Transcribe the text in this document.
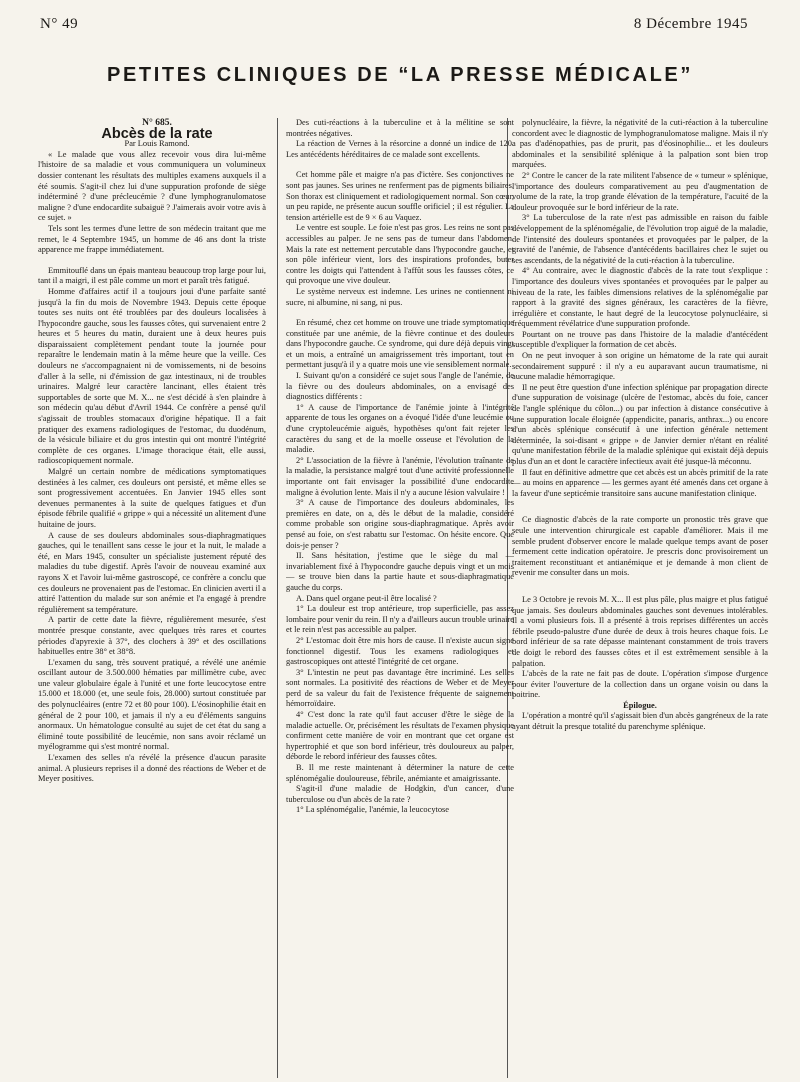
N° 49	8 Décembre 1945
PETITES CLINIQUES DE “LA PRESSE MÉDICALE”

N° 685.

Abcès de la rate

Par Louis Ramond.

« Le malade que vous allez recevoir vous dira lui-même l'histoire de sa maladie et vous communiquera un volumineux dossier contenant les résultats des multiples examens auxquels il a été soumis. S'agit-il chez lui d'une suppuration profonde de siège indéterminé ? d'une précleucémie ? d'une lymphogranulomatose maligne ? d'une endocardite subaiguë ? J'aimerais avoir votre avis à ce sujet. »

Tels sont les termes d'une lettre de son médecin traitant que me remet, le 4 Septembre 1945, un homme de 46 ans dont la triste apparence me frappe immédiatement.

Emmitouflé dans un épais manteau beaucoup trop large pour lui, tant il a maigri, il est pâle comme un mort et paraît très fatigué.

Homme d'affaires actif il a toujours joui d'une parfaite santé jusqu'à la fin du mois de Novembre 1943. Depuis cette époque toutes ses nuits ont été troublées par des douleurs localisées à l'hypocondre gauche, sous les fausses côtes, qui survenaient entre 2 heures et 5 heures du matin, duraient une à deux heures puis disparaissaient complètement pendant toute la journée pour reparaître le lendemain matin à la même heure que la veille. Ces douleurs ne s'accompagnaient ni de vomissements, ni de besoins d'aller à la selle, ni d'émission de gaz intestinaux, ni de troubles urinaires. Malgré leur caractère lancinant, elles étaient très supportables de sorte que M. X... ne s'est décidé à s'en plaindre à son médecin qu'au début d'Avril 1944. Ce confrère a pensé qu'il s'agissait de troubles stomacaux d'origine hépatique. Il a fait pratiquer des examens radiologiques de l'estomac, du duodénum, de la vésicule biliaire et du gros intestin qui ont montré l'intégrité complète de ces organes. L'image thoracique était, elle aussi, radioscopiquement normale.

Malgré un certain nombre de médications symptomatiques destinées à les calmer, ces douleurs ont persisté, et même elles se sont progressivement accentuées. En Janvier 1945 elles sont devenues permanentes à la suite de quelques fatigues et d'un épisode fébrile qualifié « grippe » qui a nécessité un alitement d'une huitaine de jours.

A cause de ses douleurs abdominales sous-diaphragmatiques gauches, qui le tenaillent sans cesse le jour et la nuit, le malade a été, en Mars 1945, consulter un spécialiste justement réputé des maladies du tube digestif. Après l'avoir de nouveau examiné aux rayons X et l'avoir lui-même gastroscopé, ce confrère a conclu que ces douleurs ne provenaient pas de l'estomac. En clinicien averti il a attiré l'attention du malade sur son anémie et l'a engagé à prendre régulièrement sa température.

A partir de cette date la fièvre, régulièrement mesurée, s'est montrée presque constante, avec quelques très rares et courtes périodes d'apyrexie à 37°, des clochers à 39° et des oscillations habituelles entre 38° et 38°8.

L'examen du sang, très souvent pratiqué, a révélé une anémie oscillant autour de 3.500.000 hématies par millimètre cube, avec une valeur globulaire égale à l'unité et une forte leucocytose entre 15.000 et 18.000 (et, une seule fois, 28.000) surtout constituée par des polynucléaires (entre 72 et 80 pour 100). L'éosinophilie était en général de 2 pour 100, et jamais il n'y a eu d'éléments sanguins anormaux. Un hématologue consulté au sujet de cet état du sang a éliminé toute possibilité de leucémie, non sans avoir réclamé un myélogramme qui s'est montré normal.

L'examen des selles n'a révélé la présence d'aucun parasite animal. A plusieurs reprises il a donné des réactions de Weber et de Meyer positives.

Des cuti-réactions à la tuberculine et à la mélitine se sont montrées négatives.

La réaction de Vernes à la résorcine a donné un indice de 120. Les antécédents héréditaires de ce malade sont excellents.

Cet homme pâle et maigre n'a pas d'ictère. Ses conjonctives ne sont pas jaunes. Ses urines ne renferment pas de pigments biliaires. Son thorax est cliniquement et radiologiquement normal. Son cœur, un peu rapide, ne présente aucun souffle orificiel ; il est régulier. La tension artérielle est de 9 × 6 au Vaquez.

Le ventre est souple. Le foie n'est pas gros. Les reins ne sont pas accessibles au palper. Je ne sens pas de tumeur dans l'abdomen. Mais la rate est nettement percutable dans l'hypocondre gauche, et son pôle inférieur vient, lors des inspirations profondes, buter contre les doigts qui l'attendent à l'affût sous les fausses côtes, ce qui provoque une vive douleur.

Le système nerveux est indemne. Les urines ne contiennent ni sucre, ni albumine, ni sang, ni pus.

En résumé, chez cet homme on trouve une triade symptomatique constituée par une anémie, de la fièvre continue et des douleurs dans l'hypocondre gauche. Ce syndrome, qui dure déjà depuis vingt et un mois, a entraîné un amaigrissement très important, tout en permettant jusqu'à il y a quatre mois une vie sensiblement normale.

I. Suivant qu'on a considéré ce sujet sous l'angle de l'anémie, de la fièvre ou des douleurs abdominales, on a envisagé des diagnostics différents :

1° A cause de l'importance de l'anémie jointe à l'intégrité apparente de tous les organes on a évoqué l'idée d'une leucémie ou d'une cryptoleucémie aiguës, hypothèses qu'ont fait rejeter les caractères du sang et de la moelle osseuse et l'évolution de la maladie.

2° L'association de la fièvre à l'anémie, l'évolution traînante de la maladie, la persistance malgré tout d'une activité professionnelle importante ont fait envisager la possibilité d'une endocardite maligne à évolution lente. Mais il n'y a aucune lésion valvulaire !

3° A cause de l'importance des douleurs abdominales, les premières en date, on a, dès le début de la maladie, considéré comme probable son origine sous-diaphragmatique. Après avoir pensé au foie, on s'est rabattu sur l'estomac. On hésite encore. Que dois-je penser ?

II. Sans hésitation, j'estime que le siège du mal — invariablement fixé à l'hypocondre gauche depuis vingt et un mois — se trouve bien dans la partie haute et sous-diaphragmatique gauche du corps.

A. Dans quel organe peut-il être localisé ?

1° La douleur est trop antérieure, trop superficielle, pas assez lombaire pour venir du rein. Il n'y a d'ailleurs aucun trouble urinaire et le rein n'est pas accessible au palper.

2° L'estomac doit être mis hors de cause. Il n'existe aucun signe fonctionnel digestif. Tous les examens radiologiques et gastroscopiques ont attesté l'intégrité de cet organe.

3° L'intestin ne peut pas davantage être incriminé. Les selles sont normales. La positivité des réactions de Weber et de Meyer perd de sa valeur du fait de l'existence fréquente de saignement hémorroïdaire.

4° C'est donc la rate qu'il faut accuser d'être le siège de la maladie actuelle. Or, précisément les résultats de l'examen physique confirment cette manière de voir en montrant que cet organe est hypertrophié et que son bord inférieur, très douloureux au palper, déborde le rebord inférieur des fausses côtes.

B. Il me reste maintenant à déterminer la nature de cette splénomégalie douloureuse, fébrile, anémiante et amaigrissante.

S'agit-il d'une maladie de Hodgkin, d'un cancer, d'une tuberculose ou d'un abcès de la rate ?

1° La splénomégalie, l'anémie, la leucocytose

polynucléaire, la fièvre, la négativité de la cuti-réaction à la tuberculine concordent avec le diagnostic de lymphogranulomatose maligne. Mais il n'y a pas d'adénopathies, pas de prurit, pas d'éosinophilie... et les douleurs abdominales et la sensibilité splénique à la palpation sont bien trop marquées.

2° Contre le cancer de la rate militent l'absence de « tumeur » splénique, l'importance des douleurs comparativement au peu d'augmentation de volume de la rate, la trop grande élévation de la température, l'acuité de la douleur provoquée sur le bord inférieur de la rate.

3° La tuberculose de la rate n'est pas admissible en raison du faible développement de la splénomégalie, de l'évolution trop aiguë de la maladie, de l'intensité des douleurs spontanées et provoquées par le palper, de la gravité de l'anémie, de l'absence d'antécédents bacillaires chez le sujet ou ses ascendants, de la négativité de la cuti-réaction à la tuberculine.

4° Au contraire, avec le diagnostic d'abcès de la rate tout s'explique : l'importance des douleurs vives spontanées et provoquées par le palper au niveau de la rate, les faibles dimensions relatives de la splénomégalie par rapport à la gravité des signes généraux, les caractères de la fièvre, irrégulière et constante, le haut degré de la leucocytose polynucléaire, si fréquemment révélatrice d'une suppuration profonde.

Pourtant on ne trouve pas dans l'histoire de la maladie d'antécédent susceptible d'expliquer la formation de cet abcès.

On ne peut invoquer à son origine un hématome de la rate qui aurait secondairement suppuré : il n'y a eu auparavant aucun traumatisme, ni aucune maladie hémorragique.

Il ne peut être question d'une infection splénique par propagation directe d'une suppuration de voisinage (ulcère de l'estomac, abcès du foie, cancer de l'angle splénique du côlon...) ou par infection à distance consécutive à une suppuration locale éloignée (appendicite, panaris, anthrax...) ou encore d'un abcès splénique consécutif à une infection générale nettement déterminée, la soi-disant « grippe » de Janvier dernier n'étant en réalité qu'une manifestation fébrile de la maladie splénique qui existait déjà depuis plus d'un an et dont le caractère infectieux avait été jusque-là méconnu.

Il faut en définitive admettre que cet abcès est un abcès primitif de la rate — au moins en apparence — les germes ayant été amenés dans cet organe à la faveur d'une septicémie transitoire sans aucune manifestation clinique.

Ce diagnostic d'abcès de la rate comporte un pronostic très grave que seule une intervention chirurgicale est capable d'améliorer. Mais il me semble prudent d'observer encore le malade quelque temps avant de poser fermement cette indication opératoire. Je prescris donc provisoirement un traitement reconstituant et antianémique et je demande à mon client de revenir me consulter dans un mois.

Le 3 Octobre je revois M. X... Il est plus pâle, plus maigre et plus fatigué que jamais. Ses douleurs abdominales gauches sont devenues intolérables. Il a vomi plusieurs fois. Il a présenté à trois reprises différentes un accès fébrile pseudo-palustre d'une durée de deux à trois heures chaque fois. Le bord inférieur de sa rate dépasse maintenant constamment de trois travers de doigt le rebord des fausses côtes et il est extrêmement sensible à la palpation.

L'abcès de la rate ne fait pas de doute. L'opération s'impose d'urgence pour éviter l'ouverture de la collection dans un organe voisin ou dans la poitrine.

Épilogue.

L'opération a montré qu'il s'agissait bien d'un abcès gangréneux de la rate ayant détruit la presque totalité du parenchyme splénique.
